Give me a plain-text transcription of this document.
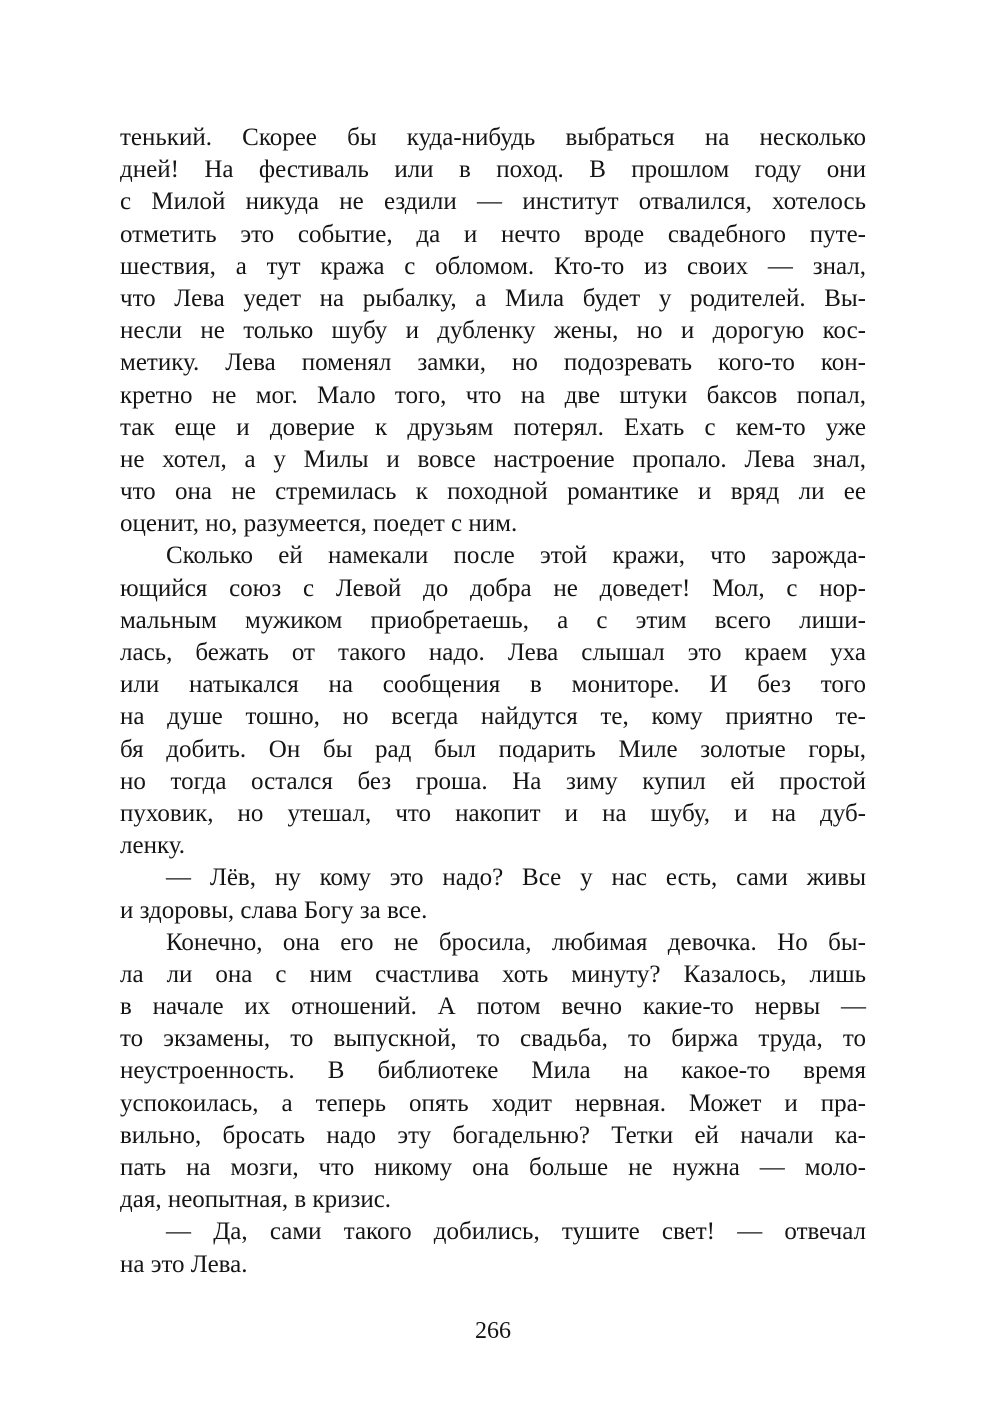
тенький. Скорее бы куда-нибудь выбраться на несколько
дней! На фестиваль или в поход. В прошлом году они
с Милой никуда не ездили — институт отвалился, хотелось
отметить это событие, да и нечто вроде свадебного путе-
шествия, а тут кража с обломом. Кто-то из своих — знал,
что Лева уедет на рыбалку, а Мила будет у родителей. Вы-
несли не только шубу и дубленку жены, но и дорогую кос-
метику. Лева поменял замки, но подозревать кого-то кон-
кретно не мог. Мало того, что на две штуки баксов попал,
так еще и доверие к друзьям потерял. Ехать с кем-то уже
не хотел, а у Милы и вовсе настроение пропало. Лева знал,
что она не стремилась к походной романтике и вряд ли ее
оценит, но, разумеется, поедет с ним.
Сколько ей намекали после этой кражи, что зарожда-
ющийся союз с Левой до добра не доведет! Мол, с нор-
мальным мужиком приобретаешь, а с этим всего лиши-
лась, бежать от такого надо. Лева слышал это краем уха
или натыкался на сообщения в мониторе. И без того
на душе тошно, но всегда найдутся те, кому приятно те-
бя добить. Он бы рад был подарить Миле золотые горы,
но тогда остался без гроша. На зиму купил ей простой
пуховик, но утешал, что накопит и на шубу, и на дуб-
ленку.
— Лёв, ну кому это надо? Все у нас есть, сами живы
и здоровы, слава Богу за все.
Конечно, она его не бросила, любимая девочка. Но бы-
ла ли она с ним счастлива хоть минуту? Казалось, лишь
в начале их отношений. А потом вечно какие-то нервы —
то экзамены, то выпускной, то свадьба, то биржа труда, то
неустроенность. В библиотеке Мила на какое-то время
успокоилась, а теперь опять ходит нервная. Может и пра-
вильно, бросать надо эту богадельню? Тетки ей начали ка-
пать на мозги, что никому она больше не нужна — моло-
дая, неопытная, в кризис.
— Да, сами такого добились, тушите свет! — отвечал
на это Лева.
266
